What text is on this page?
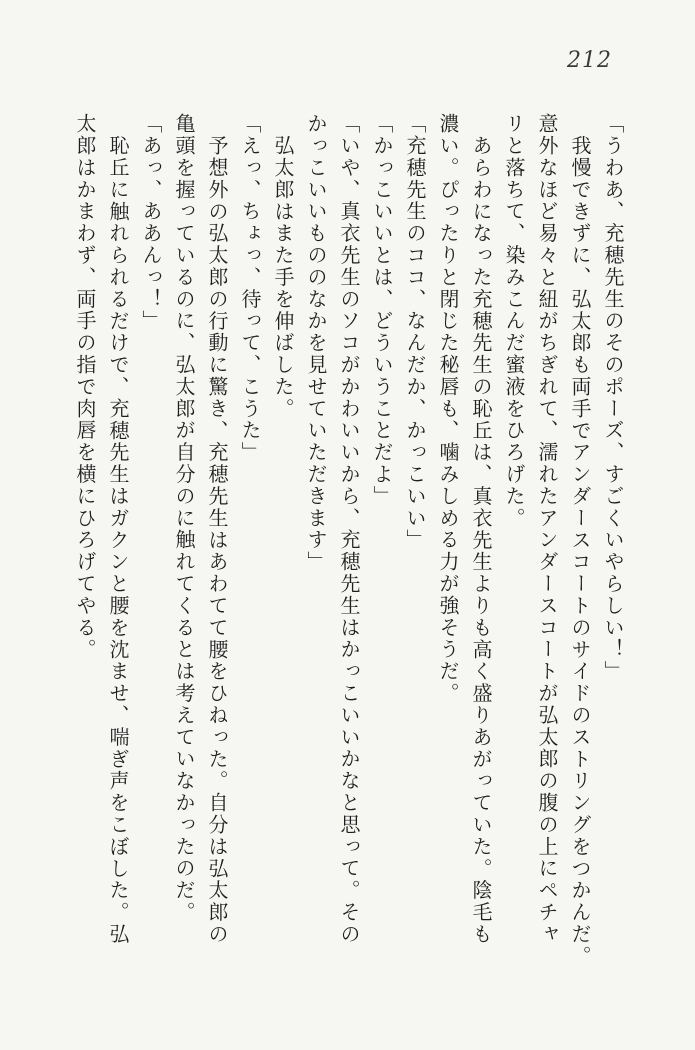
212
「うわあ、充穂先生のそのポーズ、すごくいやらしい！」
我慢できずに、弘太郎も両手でアンダースコートのサイドのストリングをつかんだ。
意外なほど易々と紐がちぎれて、濡れたアンダースコートが弘太郎の腹の上にペチャ
リと落ちて、染みこんだ蜜液をひろげた。
あらわになった充穂先生の恥丘は、真衣先生よりも高く盛りあがっていた。陰毛も
濃い。ぴったりと閉じた秘唇も、噛みしめる力が強そうだ。
「充穂先生のココ、なんだか、かっこいい」
「かっこいいとは、どういうことだよ」
「いや、真衣先生のソコがかわいいから、充穂先生はかっこいいかなと思って。その
かっこいいもののなかを見せていただきます」
弘太郎はまた手を伸ばした。
「えっ、ちょっ、待って、こうた」
予想外の弘太郎の行動に驚き、充穂先生はあわてて腰をひねった。自分は弘太郎の
亀頭を握っているのに、弘太郎が自分のに触れてくるとは考えていなかったのだ。
「あっ、ああんっ！」
恥丘に触れられるだけで、充穂先生はガクンと腰を沈ませ、喘ぎ声をこぼした。弘
太郎はかまわず、両手の指で肉唇を横にひろげてやる。
